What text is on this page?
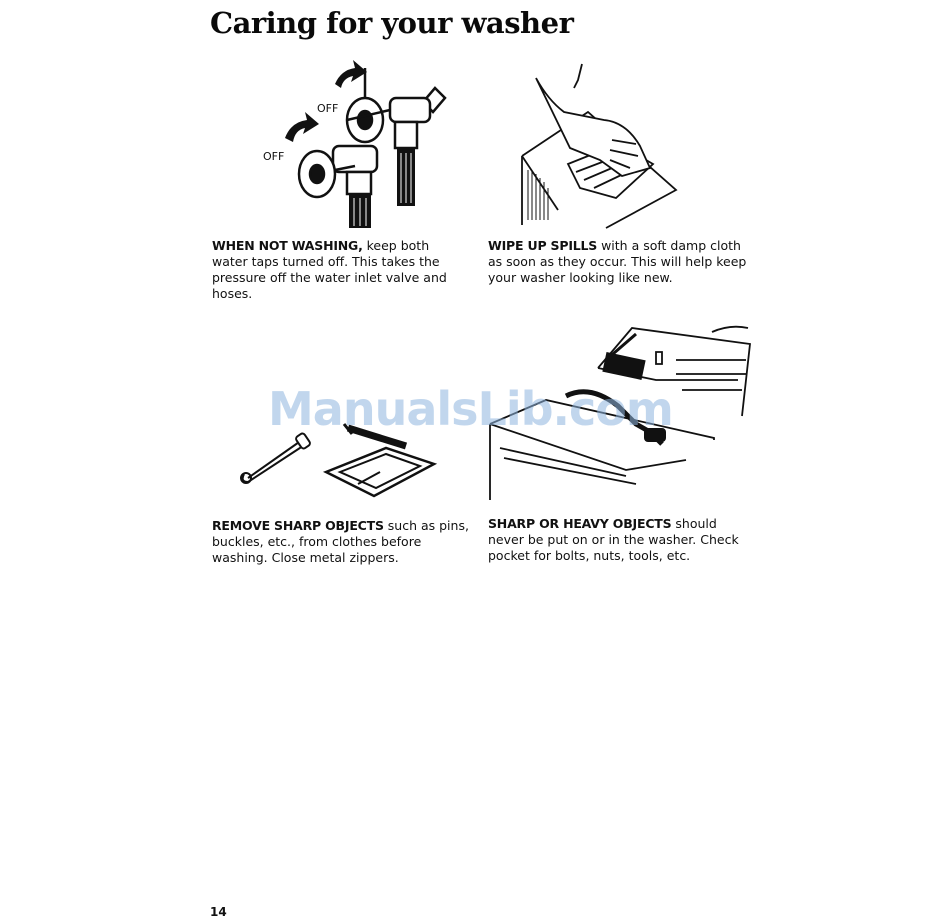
Caring for your washer
OFF
OFF

WHEN NOT WASHING, keep both water taps turned off. This takes the pressure off the water inlet valve and hoses.

WIPE UP SPILLS with a soft damp cloth as soon as they occur. This will help keep your washer looking like new.

REMOVE SHARP OBJECTS such as pins, buckles, etc., from clothes before washing. Close metal zippers.

SHARP OR HEAVY OBJECTS should never be put on or in the washer. Check pocket for bolts, nuts, tools, etc.

ManualsLib.com
14
